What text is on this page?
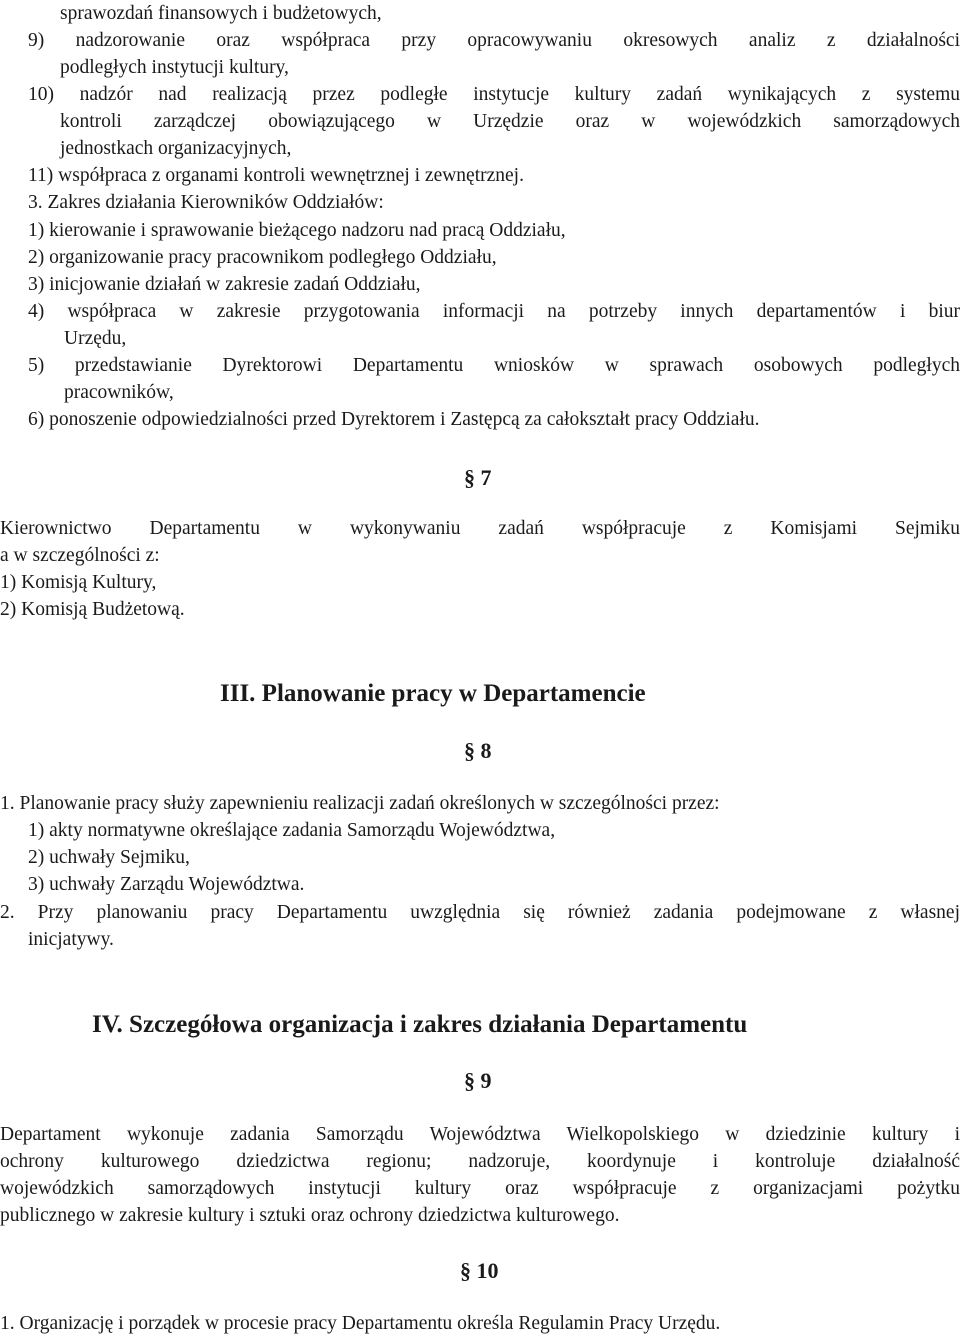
sprawozdań finansowych i budżetowych,
9) nadzorowanie oraz współpraca przy opracowywaniu okresowych analiz z działalności
podległych instytucji kultury,
10) nadzór nad realizacją przez podległe instytucje kultury zadań wynikających z systemu
kontroli zarządczej obowiązującego w Urzędzie oraz w wojewódzkich samorządowych
jednostkach organizacyjnych,
11) współpraca z organami kontroli wewnętrznej i zewnętrznej.
3. Zakres działania Kierowników Oddziałów:
1) kierowanie i sprawowanie bieżącego nadzoru nad pracą Oddziału,
2) organizowanie pracy pracownikom podległego Oddziału,
3) inicjowanie działań w zakresie zadań Oddziału,
4) współpraca w zakresie przygotowania informacji na potrzeby innych departamentów i biur
Urzędu,
5) przedstawianie Dyrektorowi Departamentu wniosków w sprawach osobowych podległych
pracowników,
6) ponoszenie odpowiedzialności przed Dyrektorem i Zastępcą za całokształt pracy Oddziału.
§ 7
Kierownictwo Departamentu w wykonywaniu zadań współpracuje z Komisjami Sejmiku
a w szczególności z:
1) Komisją Kultury,
2) Komisją Budżetową.
III. Planowanie pracy w Departamencie
§ 8
1. Planowanie pracy służy zapewnieniu realizacji zadań określonych w szczególności przez:
1) akty normatywne określające zadania Samorządu Województwa,
2) uchwały Sejmiku,
3) uchwały Zarządu Województwa.
2. Przy planowaniu pracy Departamentu uwzględnia się również zadania podejmowane z własnej
inicjatywy.
IV. Szczegółowa organizacja i zakres działania Departamentu
§ 9
Departament wykonuje zadania Samorządu Województwa Wielkopolskiego w dziedzinie kultury i
ochrony kulturowego dziedzictwa regionu; nadzoruje, koordynuje i kontroluje działalność
wojewódzkich samorządowych instytucji kultury oraz współpracuje z organizacjami pożytku
publicznego w zakresie kultury i sztuki oraz ochrony dziedzictwa kulturowego.
§ 10
1. Organizację i porządek w procesie pracy Departamentu określa Regulamin Pracy Urzędu.
